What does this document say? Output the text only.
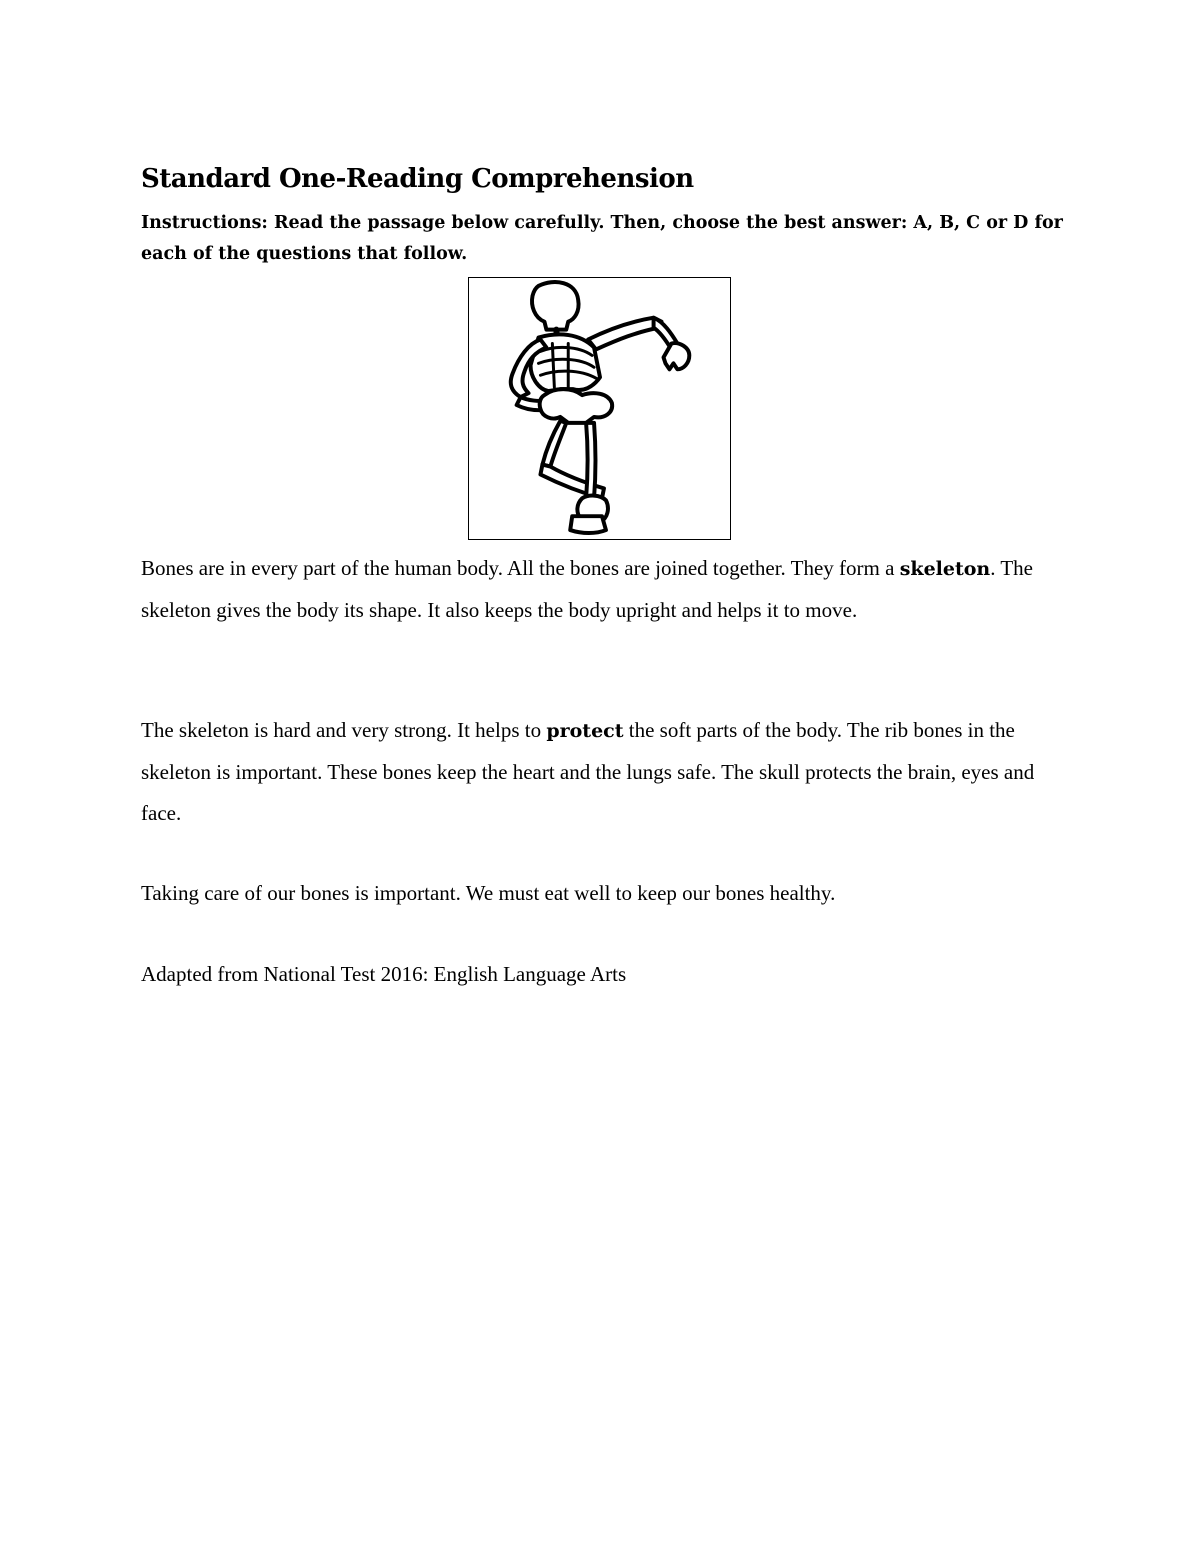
Standard One-Reading Comprehension

Instructions: Read the passage below carefully. Then, choose the best answer: A, B, C or D for each of the questions that follow.

Bones are in every part of the human body. All the bones are joined together. They form a skeleton. The skeleton gives the body its shape. It also keeps the body upright and helps it to move.

The skeleton is hard and very strong. It helps to protect the soft parts of the body. The rib bones in the skeleton is important. These bones keep the heart and the lungs safe. The skull protects the brain, eyes and face.

Taking care of our bones is important. We must eat well to keep our bones healthy.

Adapted from National Test 2016: English Language Arts
